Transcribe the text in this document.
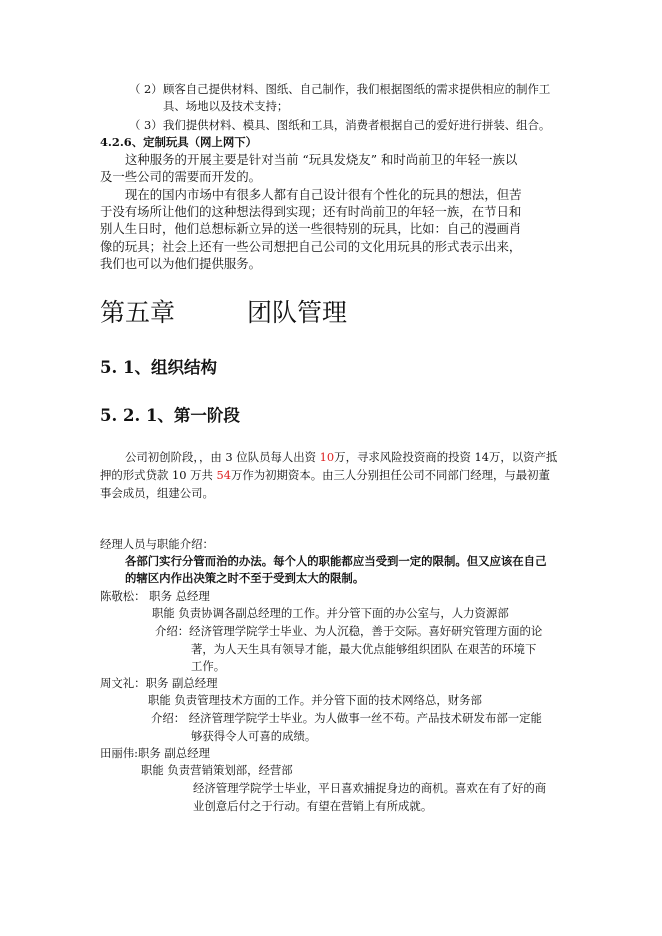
（ 2） 顾客自己提供材料、图纸、自己制作，我们根据图纸的需求提供相应的制作工
具、场地以及技术支持；
（ 3） 我们提供材料、模具、图纸和工具，消费者根据自己的爱好进行拼装、组合。
4.2.6、定制玩具（网上网下）
这种服务的开展主要是针对当前 “玩具发烧友” 和时尚前卫的年轻一族以
及一些公司的需要而开发的。
现在的国内市场中有很多人都有自己设计很有个性化的玩具的想法，但苦
于没有场所让他们的这种想法得到实现；还有时尚前卫的年轻一族，在节日和
别人生日时，他们总想标新立异的送一些很特别的玩具，比如：自己的漫画肖
像的玩具；社会上还有一些公司想把自己公司的文化用玩具的形式表示出来，
我们也可以为他们提供服务。
第五章	团队管理
5. 1、组织结构
5. 2. 1、第一阶段
公司初创阶段，，由 3 位队员每人出资 10万，寻求风险投资商的投资 14万，以资产抵
押的形式贷款 10 万共 54万作为初期资本。由三人分别担任公司不同部门经理，与最初董
事会成员，组建公司。
经理人员与职能介绍：
各部门实行分管而治的办法。每个人的职能都应当受到一定的限制。但又应该在自己
的辖区内作出决策之时不至于受到太大的限制。
陈敬松： 职务 总经理
职能 负责协调各副总经理的工作。并分管下面的办公室与，人力资源部
介绍：经济管理学院学士毕业、为人沉稳，善于交际。喜好研究管理方面的论
著，为人天生具有领导才能，最大优点能够组织团队 在艰苦的环境下
工作。
周文礼：职务 副总经理
职能 负责管理技术方面的工作。并分管下面的技术网络总，财务部
介绍： 经济管理学院学士毕业。为人做事一丝不苟。产品技术研发布部一定能
够获得令人可喜的成绩。
田丽伟:职务 副总经理
职能 负责营销策划部，经营部
经济管理学院学士毕业，平日喜欢捕捉身边的商机。喜欢在有了好的商
业创意后付之于行动。有望在营销上有所成就。
